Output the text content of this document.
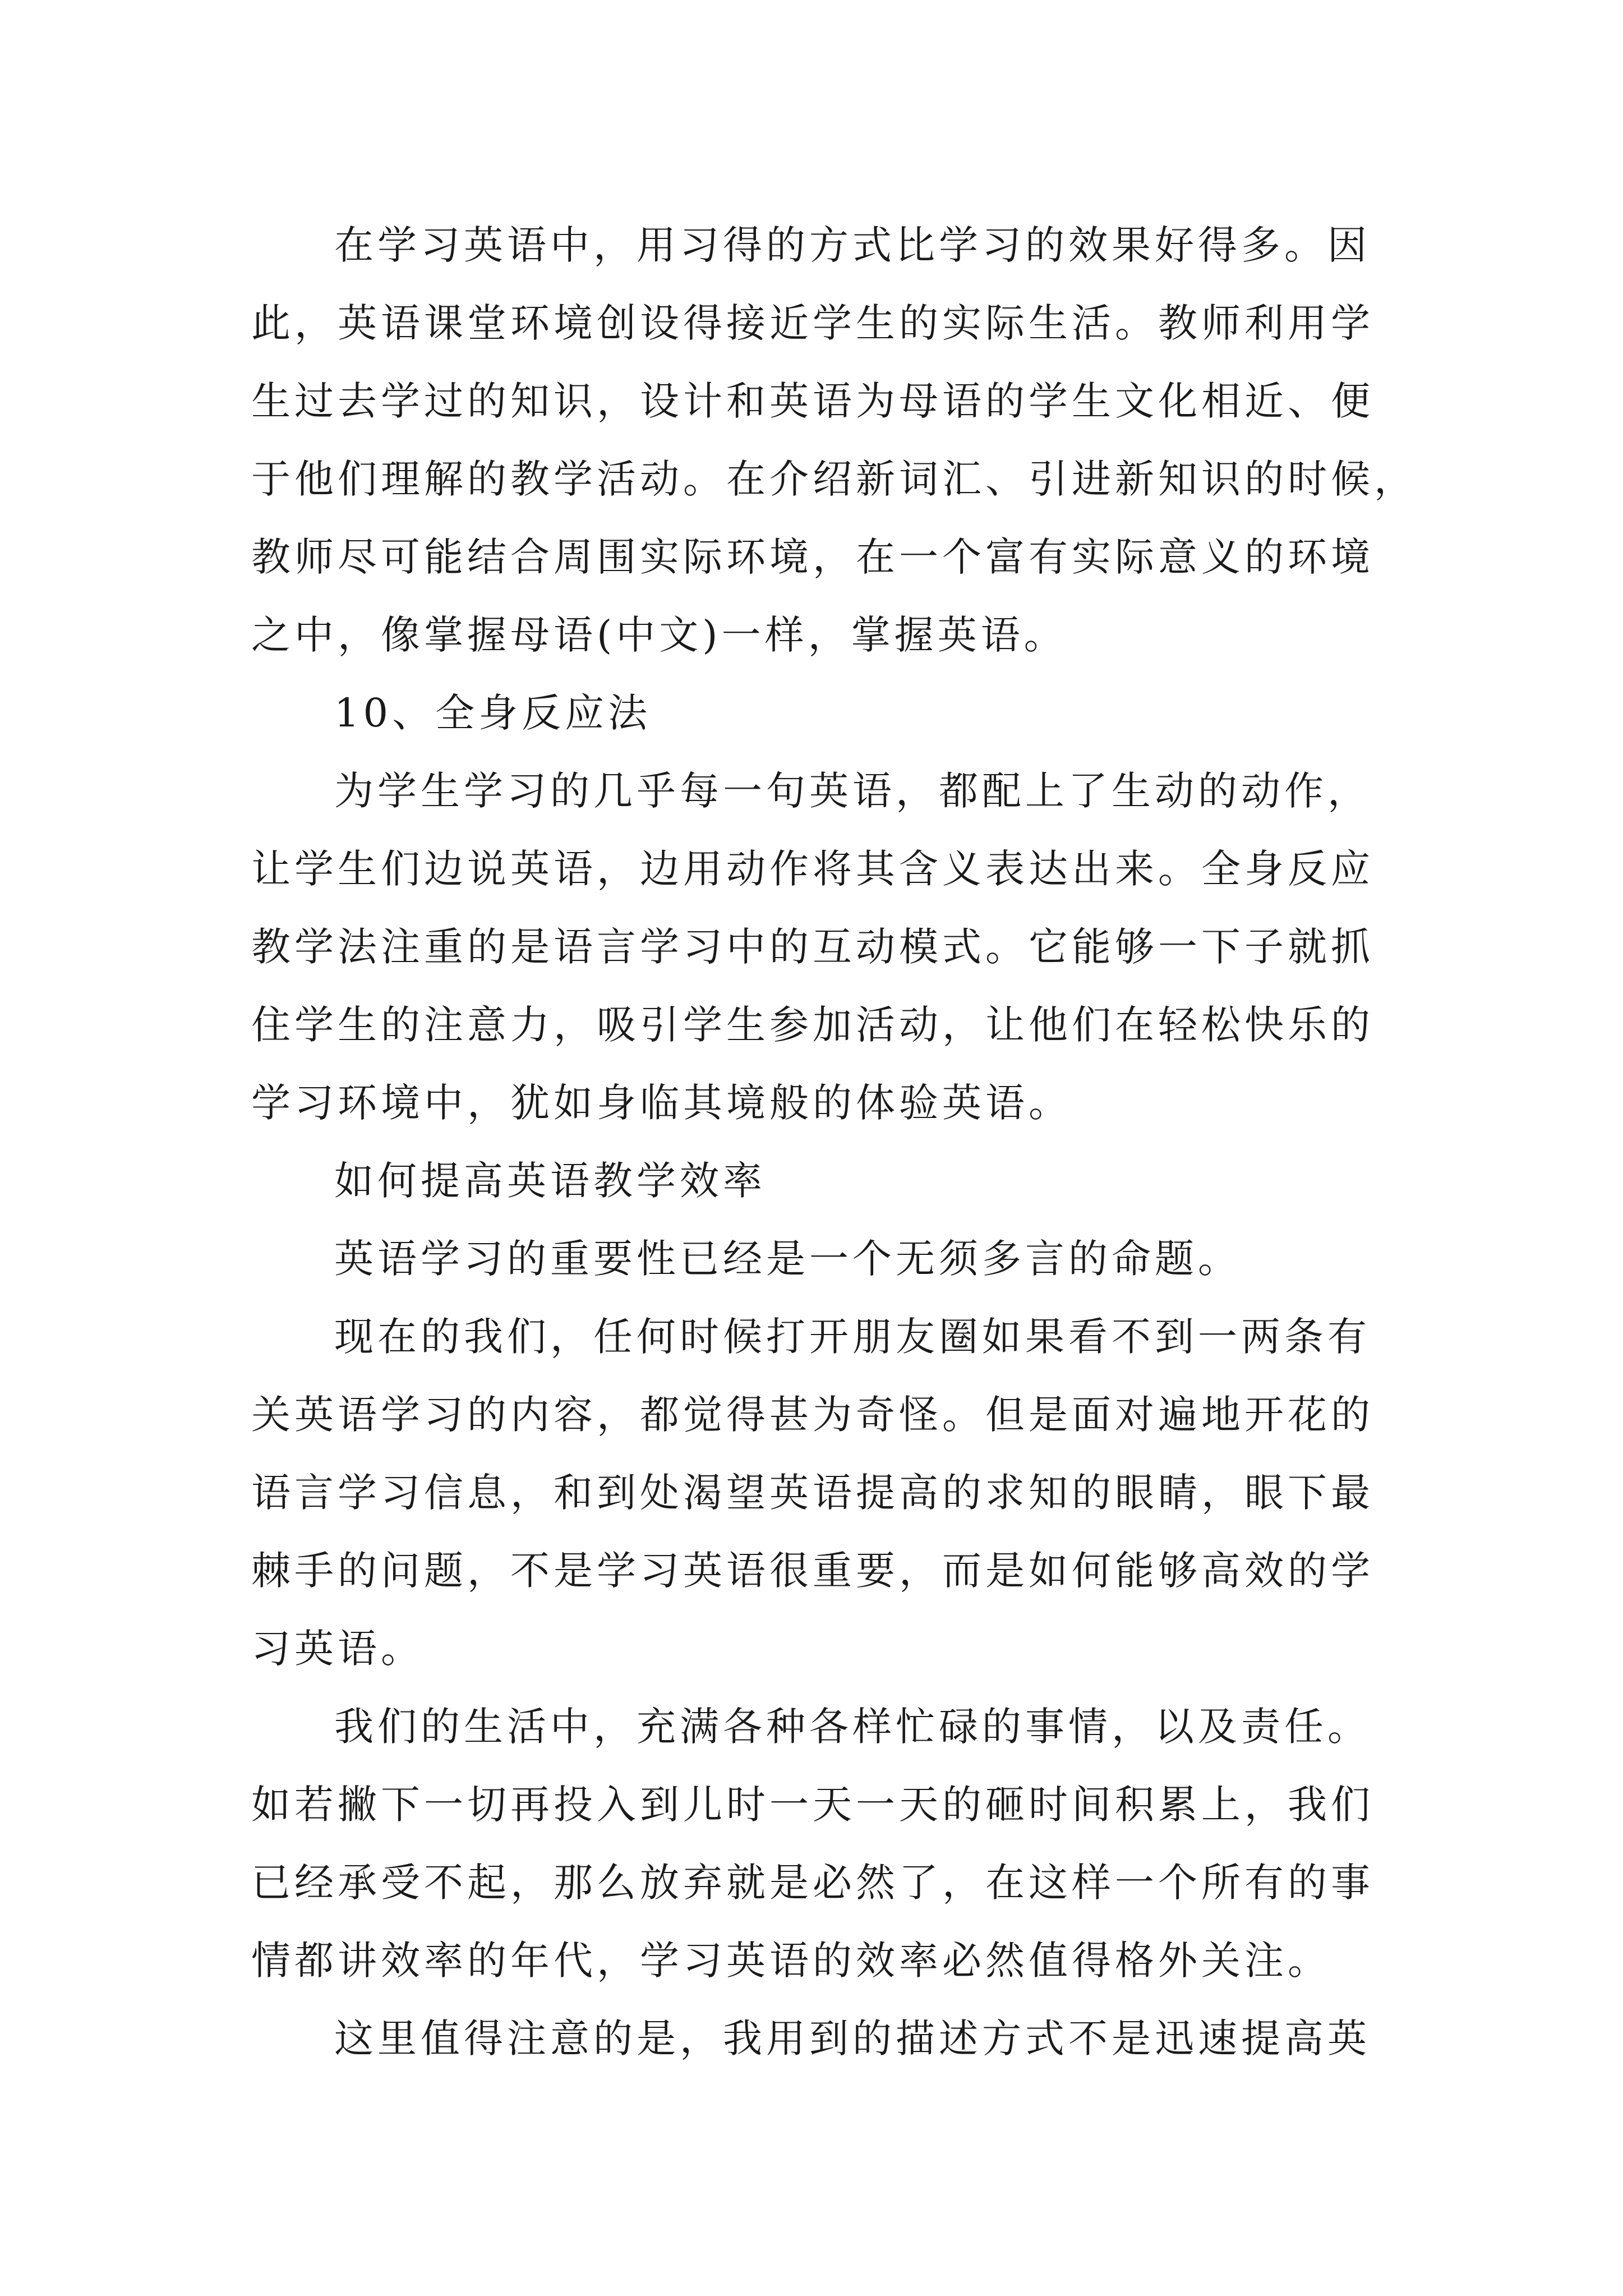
在学习英语中，用习得的方式比学习的效果好得多。因
此，英语课堂环境创设得接近学生的实际生活。教师利用学
生过去学过的知识，设计和英语为母语的学生文化相近、便
于他们理解的教学活动。在介绍新词汇、引进新知识的时候，
教师尽可能结合周围实际环境，在一个富有实际意义的环境
之中，像掌握母语(中文)一样，掌握英语。
10、全身反应法
为学生学习的几乎每一句英语，都配上了生动的动作，
让学生们边说英语，边用动作将其含义表达出来。全身反应
教学法注重的是语言学习中的互动模式。它能够一下子就抓
住学生的注意力，吸引学生参加活动，让他们在轻松快乐的
学习环境中，犹如身临其境般的体验英语。
如何提高英语教学效率
英语学习的重要性已经是一个无须多言的命题。
现在的我们，任何时候打开朋友圈如果看不到一两条有
关英语学习的内容，都觉得甚为奇怪。但是面对遍地开花的
语言学习信息，和到处渴望英语提高的求知的眼睛，眼下最
棘手的问题，不是学习英语很重要，而是如何能够高效的学
习英语。
我们的生活中，充满各种各样忙碌的事情，以及责任。
如若撇下一切再投入到儿时一天一天的砸时间积累上，我们
已经承受不起，那么放弃就是必然了，在这样一个所有的事
情都讲效率的年代，学习英语的效率必然值得格外关注。
这里值得注意的是，我用到的描述方式不是迅速提高英
